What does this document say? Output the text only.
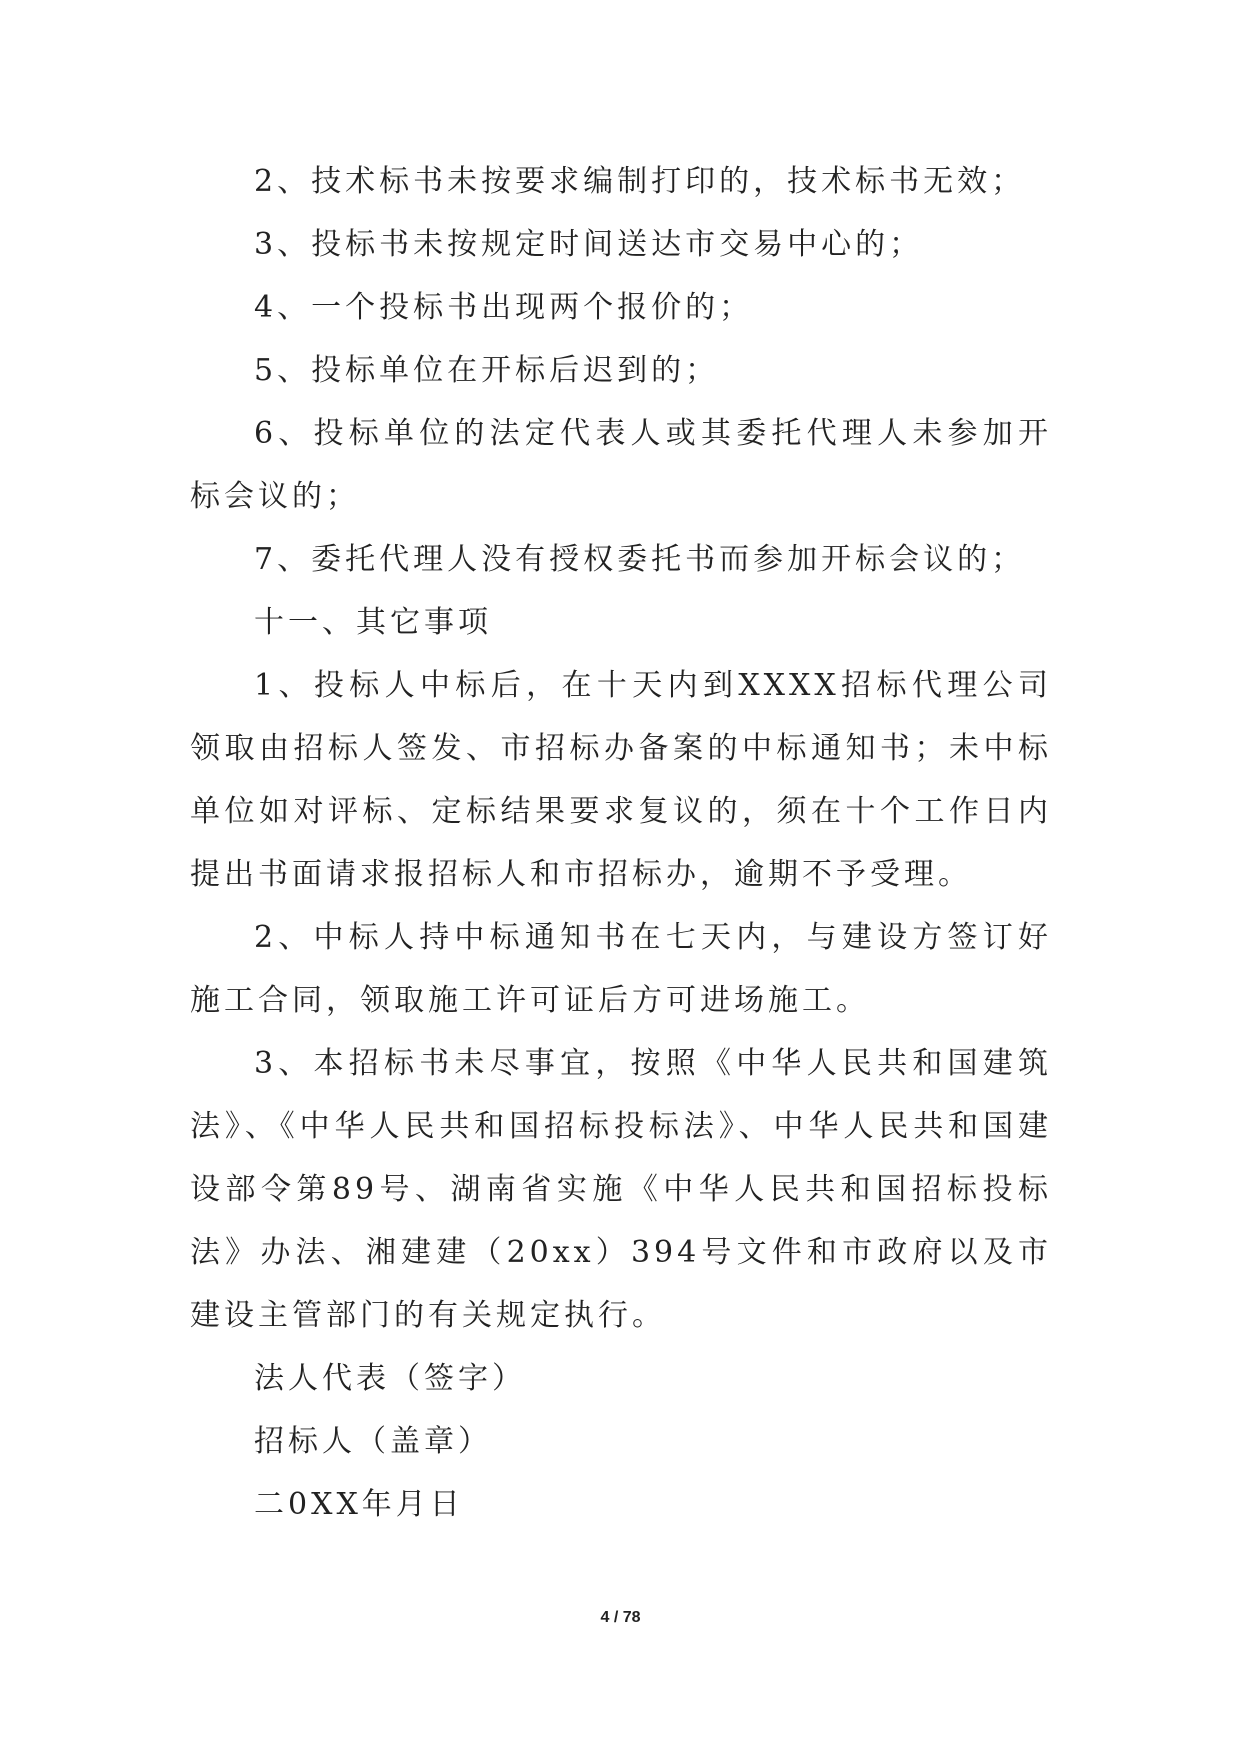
2、技术标书未按要求编制打印的，技术标书无效；

3、投标书未按规定时间送达市交易中心的；

4、一个投标书出现两个报价的；

5、投标单位在开标后迟到的；

6、投标单位的法定代表人或其委托代理人未参加开标会议的；

7、委托代理人没有授权委托书而参加开标会议的；

十一、其它事项

1、投标人中标后，在十天内到XXXX招标代理公司领取由招标人签发、市招标办备案的中标通知书；未中标单位如对评标、定标结果要求复议的，须在十个工作日内提出书面请求报招标人和市招标办，逾期不予受理。

2、中标人持中标通知书在七天内，与建设方签订好施工合同，领取施工许可证后方可进场施工。

3、本招标书未尽事宜，按照《中华人民共和国建筑法》、《中华人民共和国招标投标法》、中华人民共和国建设部令第89号、湖南省实施《中华人民共和国招标投标法》办法、湘建建（20xx）394号文件和市政府以及市建设主管部门的有关规定执行。

法人代表（签字）

招标人（盖章）

二0XX年月日

4 / 78
